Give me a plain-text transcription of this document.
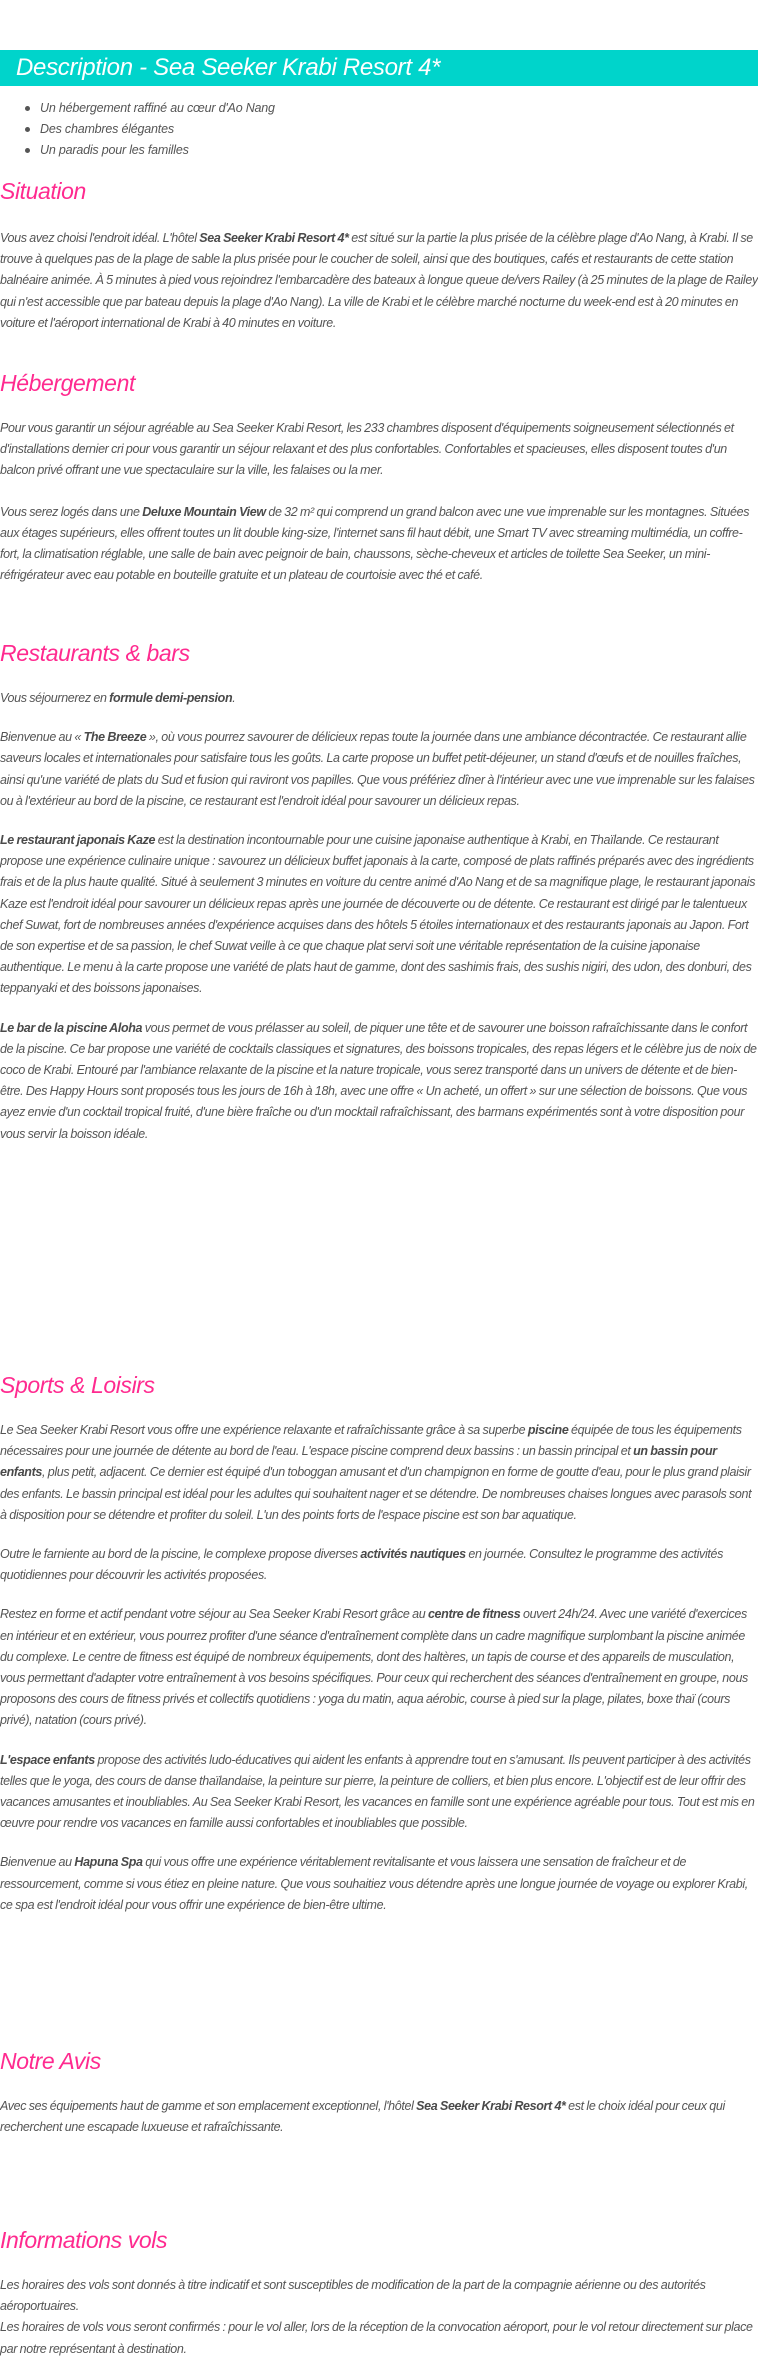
Description - Sea Seeker Krabi Resort 4*
Un hébergement raffiné au cœur d'Ao Nang
Des chambres élégantes
Un paradis pour les familles
Situation

Vous avez choisi l'endroit idéal. L'hôtel Sea Seeker Krabi Resort 4* est situé sur la partie la plus prisée de la célèbre plage d'Ao Nang, à Krabi. Il se trouve à quelques pas de la plage de sable la plus prisée pour le coucher de soleil, ainsi que des boutiques, cafés et restaurants de cette station balnéaire animée. À 5 minutes à pied vous rejoindrez l'embarcadère des bateaux à longue queue de/vers Railey (à 25 minutes de la plage de Railey qui n'est accessible que par bateau depuis la plage d'Ao Nang). La ville de Krabi et le célèbre marché nocturne du week-end est à 20 minutes en voiture et l'aéroport international de Krabi à 40 minutes en voiture.

Hébergement

Pour vous garantir un séjour agréable au Sea Seeker Krabi Resort, les 233 chambres disposent d'équipements soigneusement sélectionnés et d'installations dernier cri pour vous garantir un séjour relaxant et des plus confortables. Confortables et spacieuses, elles disposent toutes d'un balcon privé offrant une vue spectaculaire sur la ville, les falaises ou la mer.

Vous serez logés dans une Deluxe Mountain View de 32 m² qui comprend un grand balcon avec une vue imprenable sur les montagnes. Situées aux étages supérieurs, elles offrent toutes un lit double king-size, l'internet sans fil haut débit, une Smart TV avec streaming multimédia, un coffre-fort, la climatisation réglable, une salle de bain avec peignoir de bain, chaussons, sèche-cheveux et articles de toilette Sea Seeker, un mini-réfrigérateur avec eau potable en bouteille gratuite et un plateau de courtoisie avec thé et café.

Restaurants & bars

Vous séjournerez en formule demi-pension.

Bienvenue au « The Breeze », où vous pourrez savourer de délicieux repas toute la journée dans une ambiance décontractée. Ce restaurant allie saveurs locales et internationales pour satisfaire tous les goûts. La carte propose un buffet petit-déjeuner, un stand d'œufs et de nouilles fraîches, ainsi qu'une variété de plats du Sud et fusion qui raviront vos papilles. Que vous préfériez dîner à l'intérieur avec une vue imprenable sur les falaises ou à l'extérieur au bord de la piscine, ce restaurant est l'endroit idéal pour savourer un délicieux repas.

Le restaurant japonais Kaze est la destination incontournable pour une cuisine japonaise authentique à Krabi, en Thaïlande. Ce restaurant propose une expérience culinaire unique : savourez un délicieux buffet japonais à la carte, composé de plats raffinés préparés avec des ingrédients frais et de la plus haute qualité. Situé à seulement 3 minutes en voiture du centre animé d'Ao Nang et de sa magnifique plage, le restaurant japonais Kaze est l'endroit idéal pour savourer un délicieux repas après une journée de découverte ou de détente. Ce restaurant est dirigé par le talentueux chef Suwat, fort de nombreuses années d'expérience acquises dans des hôtels 5 étoiles internationaux et des restaurants japonais au Japon. Fort de son expertise et de sa passion, le chef Suwat veille à ce que chaque plat servi soit une véritable représentation de la cuisine japonaise authentique. Le menu à la carte propose une variété de plats haut de gamme, dont des sashimis frais, des sushis nigiri, des udon, des donburi, des teppanyaki et des boissons japonaises.

Le bar de la piscine Aloha vous permet de vous prélasser au soleil, de piquer une tête et de savourer une boisson rafraîchissante dans le confort de la piscine. Ce bar propose une variété de cocktails classiques et signatures, des boissons tropicales, des repas légers et le célèbre jus de noix de coco de Krabi. Entouré par l'ambiance relaxante de la piscine et la nature tropicale, vous serez transporté dans un univers de détente et de bien-être. Des Happy Hours sont proposés tous les jours de 16h à 18h, avec une offre « Un acheté, un offert » sur une sélection de boissons. Que vous ayez envie d'un cocktail tropical fruité, d'une bière fraîche ou d'un mocktail rafraîchissant, des barmans expérimentés sont à votre disposition pour vous servir la boisson idéale.

Sports & Loisirs

Le Sea Seeker Krabi Resort vous offre une expérience relaxante et rafraîchissante grâce à sa superbe piscine équipée de tous les équipements nécessaires pour une journée de détente au bord de l'eau. L'espace piscine comprend deux bassins : un bassin principal et un bassin pour enfants, plus petit, adjacent. Ce dernier est équipé d'un toboggan amusant et d'un champignon en forme de goutte d'eau, pour le plus grand plaisir des enfants. Le bassin principal est idéal pour les adultes qui souhaitent nager et se détendre. De nombreuses chaises longues avec parasols sont à disposition pour se détendre et profiter du soleil. L'un des points forts de l'espace piscine est son bar aquatique.

Outre le farniente au bord de la piscine, le complexe propose diverses activités nautiques en journée. Consultez le programme des activités quotidiennes pour découvrir les activités proposées.

Restez en forme et actif pendant votre séjour au Sea Seeker Krabi Resort grâce au centre de fitness ouvert 24h/24. Avec une variété d'exercices en intérieur et en extérieur, vous pourrez profiter d'une séance d'entraînement complète dans un cadre magnifique surplombant la piscine animée du complexe. Le centre de fitness est équipé de nombreux équipements, dont des haltères, un tapis de course et des appareils de musculation, vous permettant d'adapter votre entraînement à vos besoins spécifiques. Pour ceux qui recherchent des séances d'entraînement en groupe, nous proposons des cours de fitness privés et collectifs quotidiens : yoga du matin, aqua aérobic, course à pied sur la plage, pilates, boxe thaï (cours privé), natation (cours privé).

L'espace enfants propose des activités ludo-éducatives qui aident les enfants à apprendre tout en s'amusant. Ils peuvent participer à des activités telles que le yoga, des cours de danse thaïlandaise, la peinture sur pierre, la peinture de colliers, et bien plus encore. L'objectif est de leur offrir des vacances amusantes et inoubliables. Au Sea Seeker Krabi Resort, les vacances en famille sont une expérience agréable pour tous. Tout est mis en œuvre pour rendre vos vacances en famille aussi confortables et inoubliables que possible.

Bienvenue au Hapuna Spa qui vous offre une expérience véritablement revitalisante et vous laissera une sensation de fraîcheur et de ressourcement, comme si vous étiez en pleine nature. Que vous souhaitiez vous détendre après une longue journée de voyage ou explorer Krabi, ce spa est l'endroit idéal pour vous offrir une expérience de bien-être ultime.

Notre Avis

Avec ses équipements haut de gamme et son emplacement exceptionnel, l'hôtel Sea Seeker Krabi Resort 4* est le choix idéal pour ceux qui recherchent une escapade luxueuse et rafraîchissante.

Informations vols

Les horaires des vols sont donnés à titre indicatif et sont susceptibles de modification de la part de la compagnie aérienne ou des autorités aéroportuaires.
Les horaires de vols vous seront confirmés : pour le vol aller, lors de la réception de la convocation aéroport, pour le vol retour directement sur place par notre représentant à destination.
